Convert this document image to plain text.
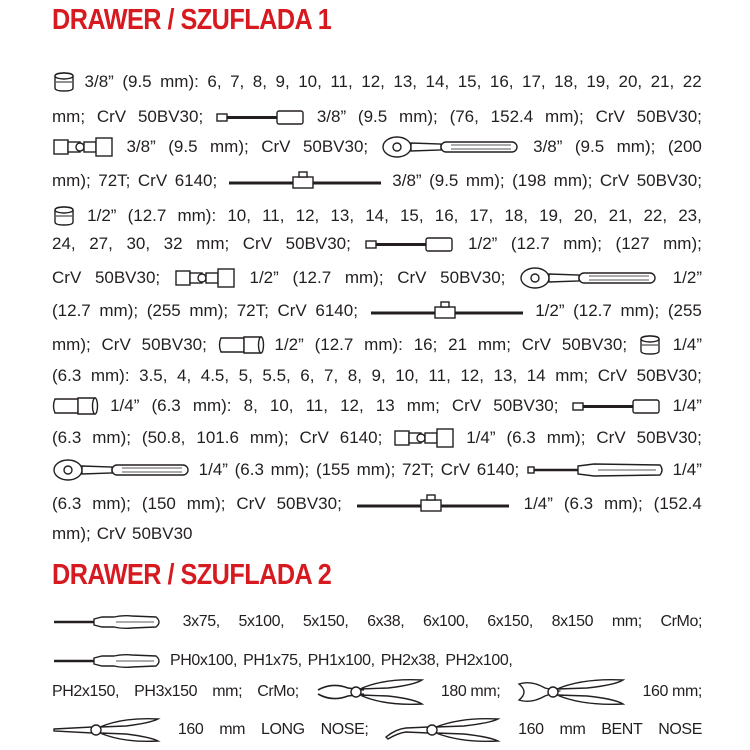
DRAWER / SZUFLADA 1
3/8” (9.5 mm): 6, 7, 8, 9, 10, 11, 12, 13, 14, 15, 16, 17, 18, 19, 20, 21, 22
mm; CrV 50BV30;	3/8” (9.5 mm); (76, 152.4 mm); CrV 50BV30;
3/8” (9.5 mm); CrV 50BV30;	3/8” (9.5 mm); (200
mm); 72T; CrV 6140;	3/8” (9.5 mm); (198 mm); CrV 50BV30;
1/2” (12.7 mm): 10, 11, 12, 13, 14, 15, 16, 17, 18, 19, 20, 21, 22, 23,
24, 27, 30, 32 mm; CrV 50BV30;	1/2” (12.7 mm); (127 mm);
CrV 50BV30;	1/2” (12.7 mm); CrV 50BV30;	1/2”
(12.7 mm); (255 mm); 72T; CrV 6140;	1/2” (12.7 mm); (255
mm); CrV 50BV30;	1/2” (12.7 mm): 16; 21 mm; CrV 50BV30;	1/4”
(6.3 mm): 3.5, 4, 4.5, 5, 5.5, 6, 7, 8, 9, 10, 11, 12, 13, 14 mm; CrV 50BV30;
1/4” (6.3 mm): 8, 10, 11, 12, 13 mm; CrV 50BV30;	1/4”
(6.3 mm); (50.8, 101.6 mm); CrV 6140;	1/4” (6.3 mm); CrV 50BV30;
1/4” (6.3 mm); (155 mm); 72T; CrV 6140;	1/4”
(6.3 mm); (150 mm); CrV 50BV30;	1/4” (6.3 mm); (152.4
mm); CrV 50BV30
DRAWER / SZUFLADA 2
3x75, 5x100, 5x150, 6x38, 6x100, 6x150, 8x150 mm; CrMo;
PH0x100, PH1x75, PH1x100, PH2x38, PH2x100,
PH2x150, PH3x150 mm; CrMo;	180 mm;	160 mm;
160 mm LONG NOSE;	160 mm BENT NOSE
